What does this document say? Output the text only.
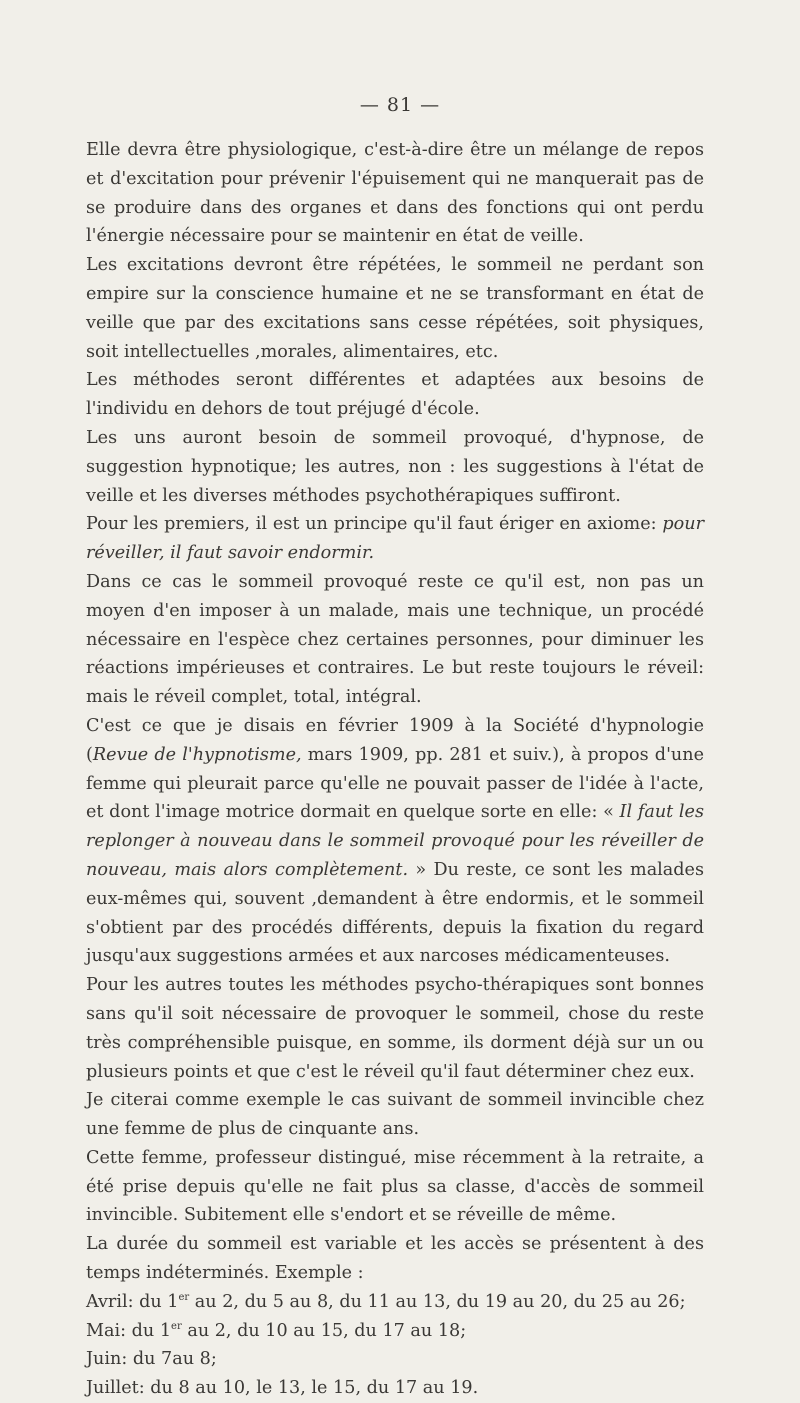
— 81 —

Elle devra être physiologique, c'est-à-dire être un mélange de repos et d'excitation pour prévenir l'épuisement qui ne manquerait pas de se produire dans des organes et dans des fonctions qui ont perdu l'énergie nécessaire pour se maintenir en état de veille.

Les excitations devront être répétées, le sommeil ne perdant son empire sur la conscience humaine et ne se transformant en état de veille que par des excitations sans cesse répétées, soit physiques, soit intellectuelles ,morales, alimentaires, etc.

Les méthodes seront différentes et adaptées aux besoins de l'individu en dehors de tout préjugé d'école.

Les uns auront besoin de sommeil provoqué, d'hypnose, de suggestion hypnotique; les autres, non : les suggestions à l'état de veille et les diverses méthodes psychothérapiques suffiront.

Pour les premiers, il est un principe qu'il faut ériger en axiome: pour réveiller, il faut savoir endormir.

Dans ce cas le sommeil provoqué reste ce qu'il est, non pas un moyen d'en imposer à un malade, mais une technique, un procédé nécessaire en l'espèce chez certaines personnes, pour diminuer les réactions impérieuses et contraires. Le but reste toujours le réveil: mais le réveil complet, total, intégral.

C'est ce que je disais en février 1909 à la Société d'hypnologie (Revue de l'hypnotisme, mars 1909, pp. 281 et suiv.), à propos d'une femme qui pleurait parce qu'elle ne pouvait passer de l'idée à l'acte, et dont l'image motrice dormait en quelque sorte en elle: « Il faut les replonger à nouveau dans le sommeil provoqué pour les réveiller de nouveau, mais alors complètement. » Du reste, ce sont les malades eux-mêmes qui, souvent ,demandent à être endormis, et le sommeil s'obtient par des procédés différents, depuis la fixation du regard jusqu'aux suggestions armées et aux narcoses médicamenteuses.

Pour les autres toutes les méthodes psycho-thérapiques sont bonnes sans qu'il soit nécessaire de provoquer le sommeil, chose du reste très compréhensible puisque, en somme, ils dorment déjà sur un ou plusieurs points et que c'est le réveil qu'il faut déterminer chez eux.

Je citerai comme exemple le cas suivant de sommeil invincible chez une femme de plus de cinquante ans.

Cette femme, professeur distingué, mise récemment à la retraite, a été prise depuis qu'elle ne fait plus sa classe, d'accès de sommeil invincible. Subitement elle s'endort et se réveille de même.

La durée du sommeil est variable et les accès se présentent à des temps indéterminés. Exemple :

Avril: du 1er au 2, du 5 au 8, du 11 au 13, du 19 au 20, du 25 au 26;

Mai: du 1er au 2, du 10 au 15, du 17 au 18;

Juin: du 7au 8;

Juillet: du 8 au 10, le 13, le 15, du 17 au 19.
